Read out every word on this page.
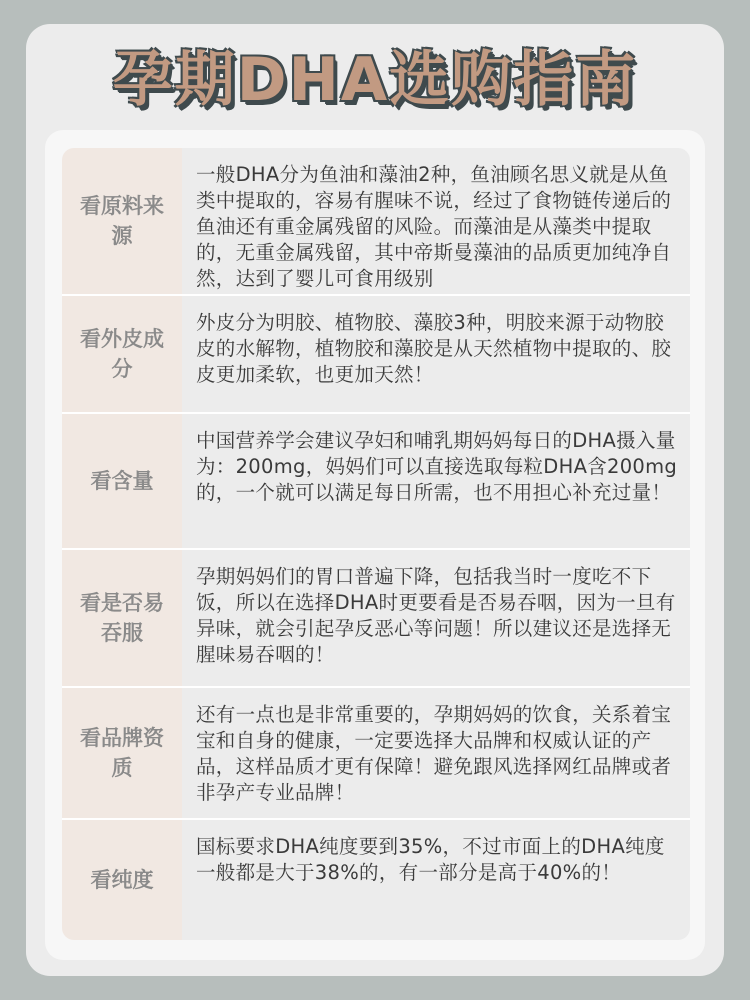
孕期DHA选购指南
看原料来源
一般DHA分为鱼油和藻油2种，鱼油顾名思义就是从鱼类中提取的，容易有腥味不说，经过了食物链传递后的鱼油还有重金属残留的风险。而藻油是从藻类中提取的，无重金属残留，其中帝斯曼藻油的品质更加纯净自然，达到了婴儿可食用级别
看外皮成分
外皮分为明胶、植物胶、藻胶3种，明胶来源于动物胶皮的水解物，植物胶和藻胶是从天然植物中提取的、胶皮更加柔软，也更加天然！
看含量
中国营养学会建议孕妇和哺乳期妈妈每日的DHA摄入量为：200mg，妈妈们可以直接选取每粒DHA含200mg的，一个就可以满足每日所需，也不用担心补充过量！
看是否易吞服
孕期妈妈们的胃口普遍下降，包括我当时一度吃不下饭，所以在选择DHA时更要看是否易吞咽，因为一旦有异味，就会引起孕反恶心等问题！所以建议还是选择无腥味易吞咽的！
看品牌资质
还有一点也是非常重要的，孕期妈妈的饮食，关系着宝宝和自身的健康，一定要选择大品牌和权威认证的产品，这样品质才更有保障！避免跟风选择网红品牌或者非孕产专业品牌！
看纯度
国标要求DHA纯度要到35%，不过市面上的DHA纯度一般都是大于38%的，有一部分是高于40%的！
